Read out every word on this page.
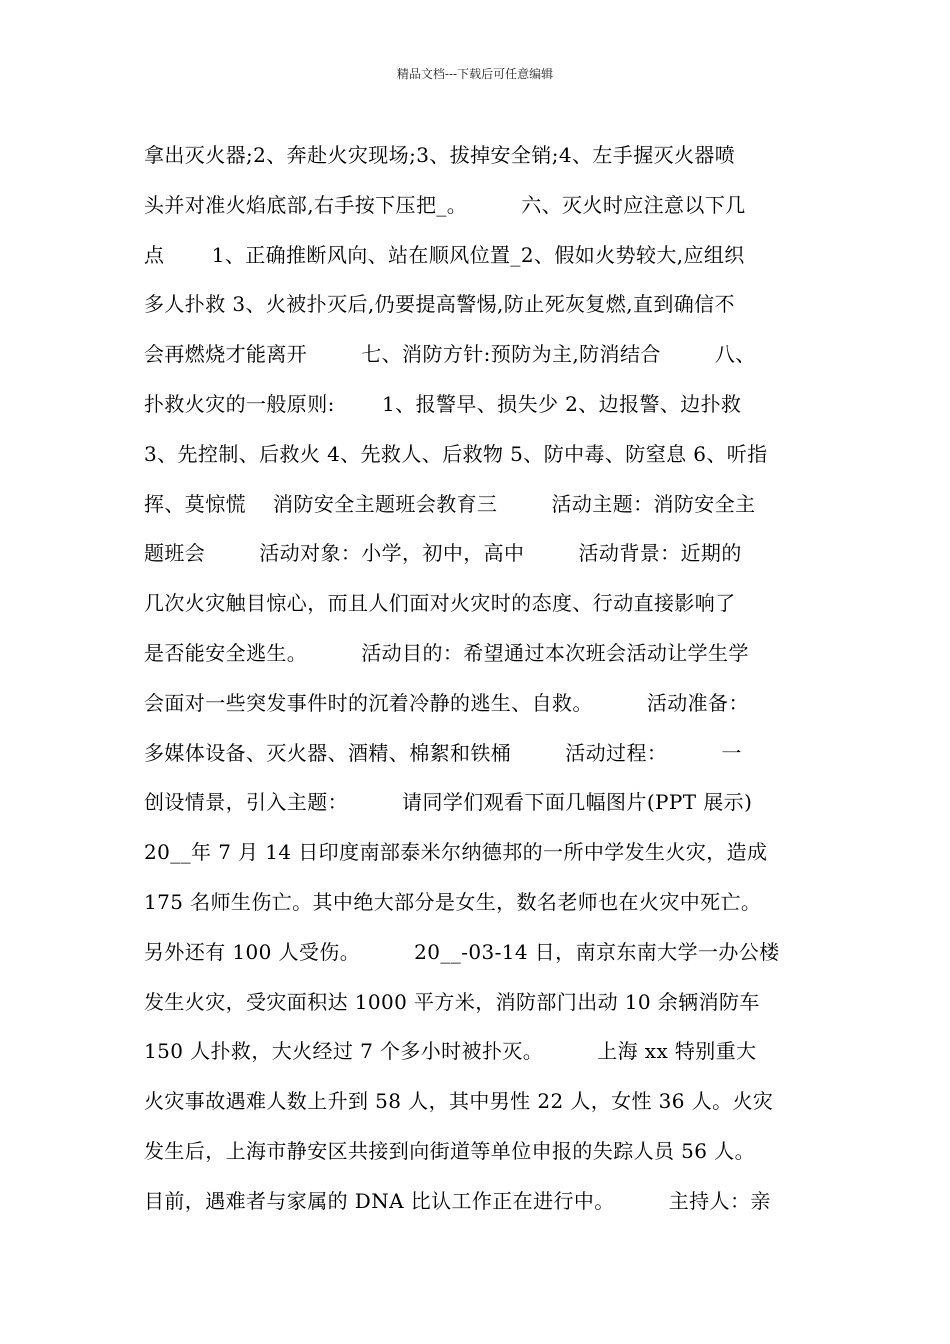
精品文档---下载后可任意编辑
拿出灭火器;2、奔赴火灾现场;3、拔掉安全销;4、左手握灭火器喷
头并对准火焰底部,右手按下压把_。        六、灭火时应注意以下几
点       1、正确推断风向、站在顺风位置_2、假如火势较大,应组织
多人扑救 3、火被扑灭后,仍要提高警惕,防止死灰复燃,直到确信不
会再燃烧才能离开        七、消防方针:预防为主,防消结合        八、
扑救火灾的一般原则:       1、报警早、损失少 2、边报警、边扑救
3、先控制、后救火 4、先救人、后救物 5、防中毒、防窒息 6、听指
挥、莫惊慌    消防安全主题班会教育三        活动主题：消防安全主
题班会        活动对象：小学，初中，高中        活动背景：近期的
几次火灾触目惊心，而且人们面对火灾时的态度、行动直接影响了
是否能安全逃生。        活动目的：希望通过本次班会活动让学生学
会面对一些突发事件时的沉着冷静的逃生、自救。        活动准备：
多媒体设备、灭火器、酒精、棉絮和铁桶        活动过程：        一
创设情景，引入主题：        请同学们观看下面几幅图片(PPT 展示)
20__年 7 月 14 日印度南部泰米尔纳德邦的一所中学发生火灾，造成
175 名师生伤亡。其中绝大部分是女生，数名老师也在火灾中死亡。
另外还有 100 人受伤。        20__-03-14 日，南京东南大学一办公楼
发生火灾，受灾面积达 1000 平方米，消防部门出动 10 余辆消防车
150 人扑救，大火经过 7 个多小时被扑灭。        上海 xx 特别重大
火灾事故遇难人数上升到 58 人，其中男性 22 人，女性 36 人。火灾
发生后，上海市静安区共接到向街道等单位申报的失踪人员 56 人。
目前，遇难者与家属的 DNA 比认工作正在进行中。        主持人：亲
